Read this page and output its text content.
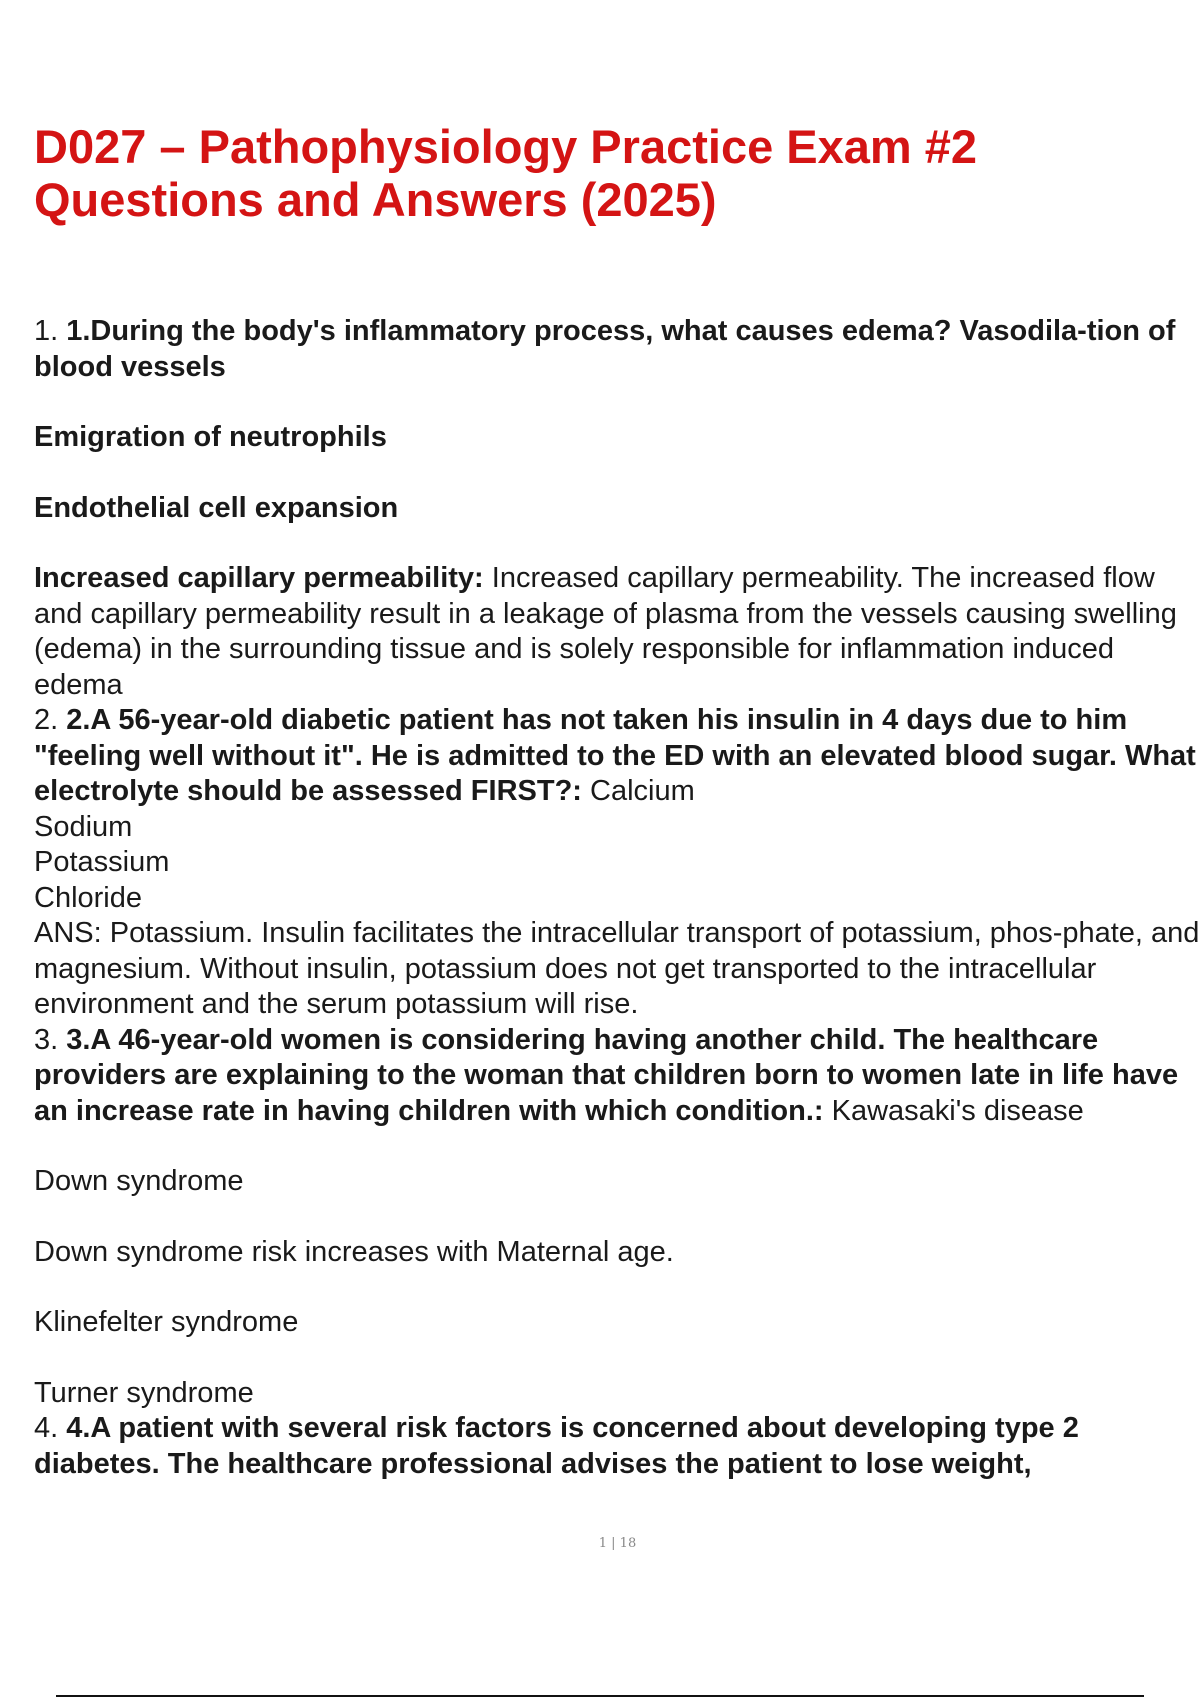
D027 – Pathophysiology Practice Exam #2
Questions and Answers (2025)

1. 1.During the body's inflammatory process, what causes edema? Vasodila-tion of blood vessels

Emigration of neutrophils

Endothelial cell expansion

Increased capillary permeability: Increased capillary permeability. The increased flow and capillary permeability result in a leakage of plasma from the vessels causing swelling (edema) in the surrounding tissue and is solely responsible for inflammation induced edema

2. 2.A 56-year-old diabetic patient has not taken his insulin in 4 days due to him "feeling well without it". He is admitted to the ED with an elevated blood sugar. What electrolyte should be assessed FIRST?: Calcium

Sodium

Potassium

Chloride

ANS: Potassium. Insulin facilitates the intracellular transport of potassium, phos-phate, and magnesium. Without insulin, potassium does not get transported to the intracellular environment and the serum potassium will rise.

3. 3.A 46-year-old women is considering having another child. The healthcare providers are explaining to the woman that children born to women late in life have an increase rate in having children with which condition.: Kawasaki's disease

Down syndrome

Down syndrome risk increases with Maternal age.

Klinefelter syndrome

Turner syndrome

4. 4.A patient with several risk factors is concerned about developing type 2 diabetes. The healthcare professional advises the patient to lose weight,

1 | 18
